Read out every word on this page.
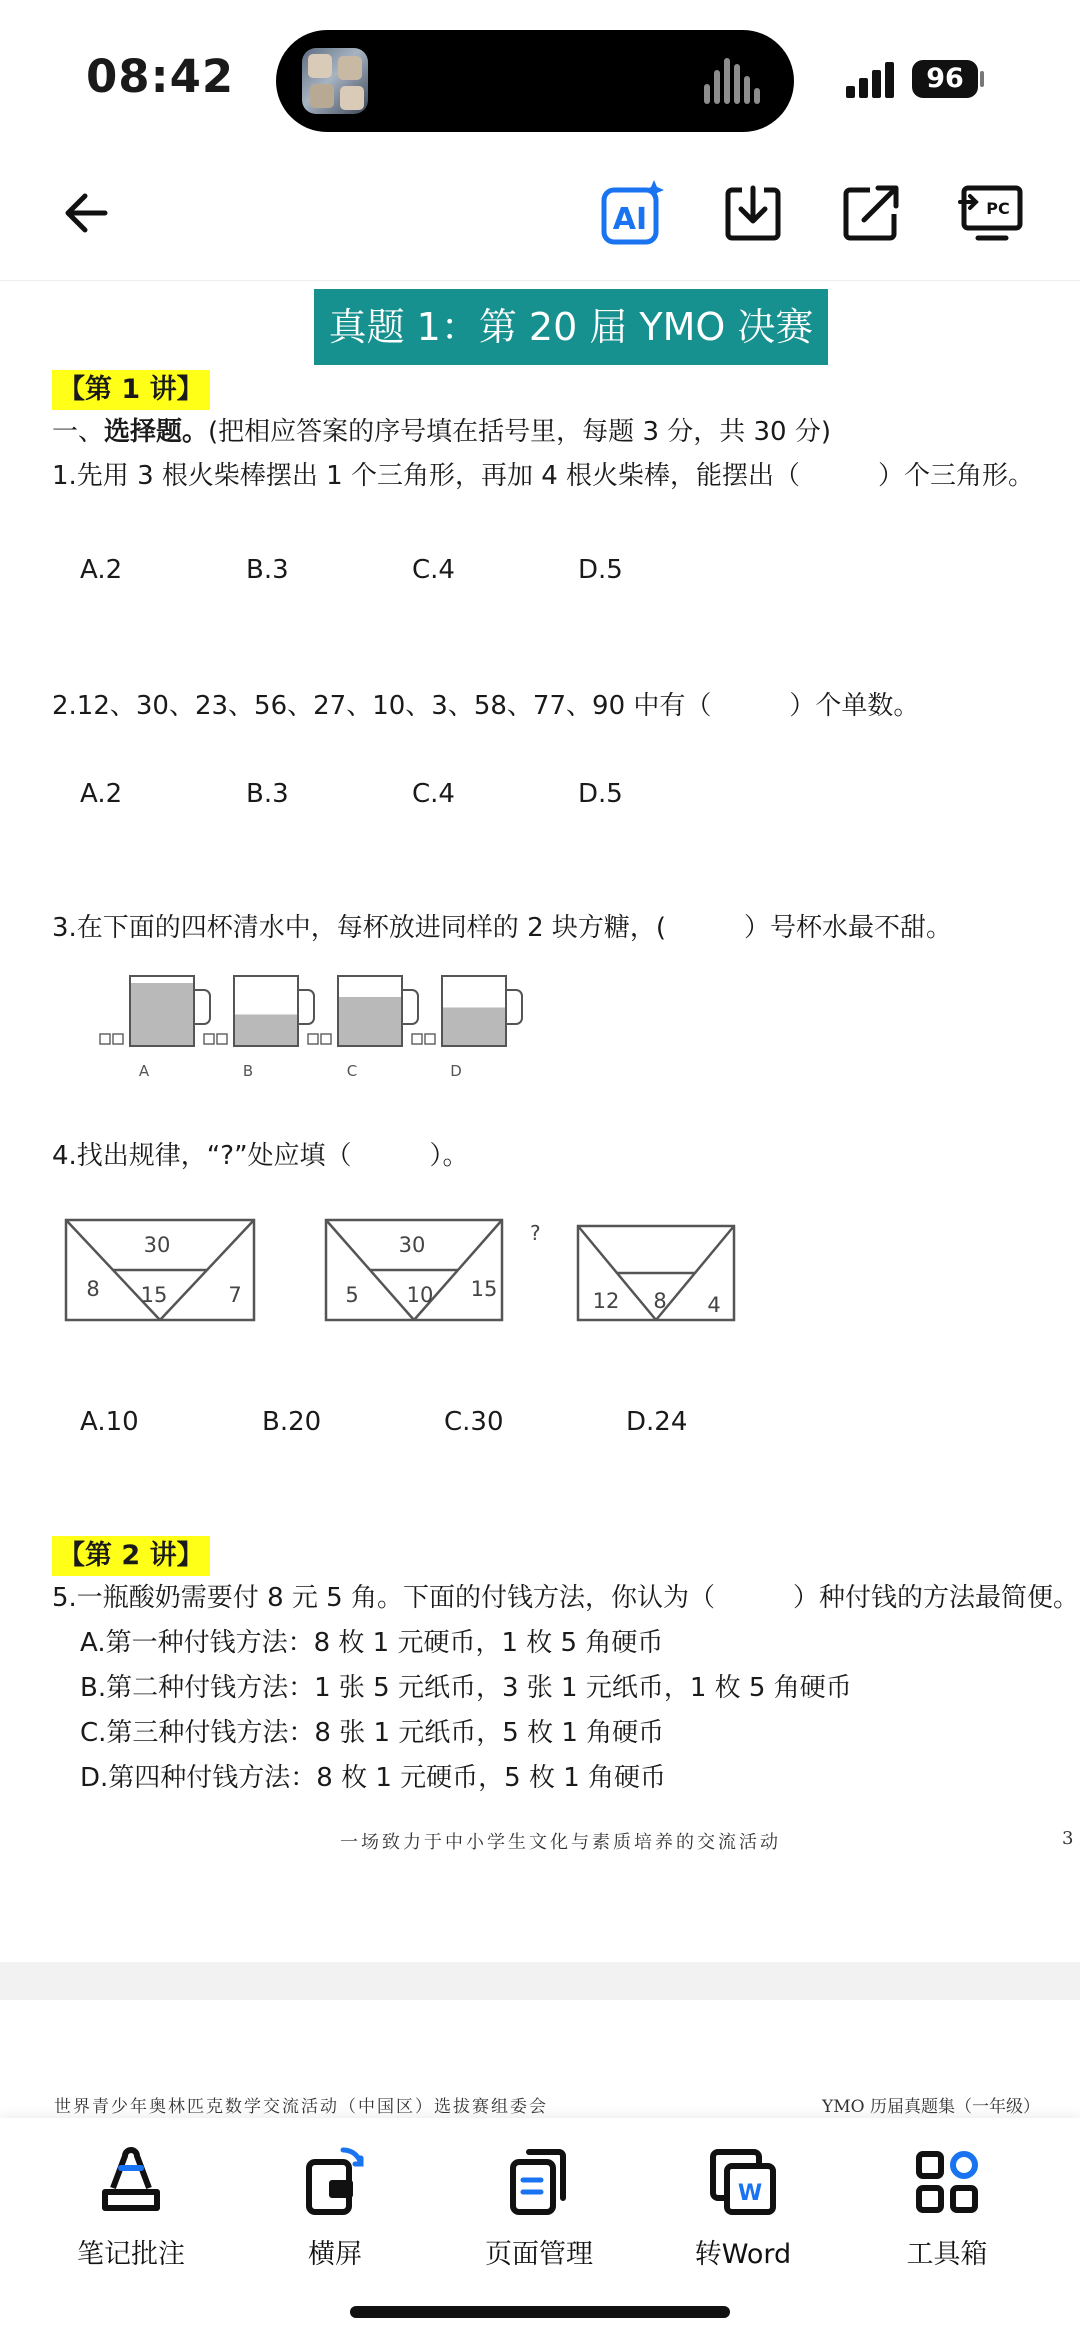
08:42	96
AI	PC
真题 1：第 20 届 YMO 决赛
【第 1 讲】
一、选择题。(把相应答案的序号填在括号里，每题 3 分，共 30 分)
1.先用 3 根火柴棒摆出 1 个三角形，再加 4 根火柴棒，能摆出（　　　）个三角形。
A.2	B.3	C.4	D.5
2.12、30、23、56、27、10、3、58、77、90 中有（　　　）个单数。
A.2	B.3	C.4	D.5
3.在下面的四杯清水中，每杯放进同样的 2 块方糖，(　　　）号杯水最不甜。
A	B	C	D
4.找出规律，“?”处应填（　　　）。
30
8 15	7
30
5 10 15
?
12 8 4
A.10	B.20	C.30	D.24
【第 2 讲】
5.一瓶酸奶需要付 8 元 5 角。下面的付钱方法，你认为（　　　）种付钱的方法最简便。
A.第一种付钱方法：8 枚 1 元硬币，1 枚 5 角硬币
B.第二种付钱方法：1 张 5 元纸币，3 张 1 元纸币，1 枚 5 角硬币
C.第三种付钱方法：8 张 1 元纸币，5 枚 1 角硬币
D.第四种付钱方法：8 枚 1 元硬币，5 枚 1 角硬币
一场致力于中小学生文化与素质培养的交流活动	3
世界青少年奥林匹克数学交流活动（中国区）选拔赛组委会	YMO 历届真题集（一年级）
笔记批注	横屏	页面管理
W
转Word	工具箱
